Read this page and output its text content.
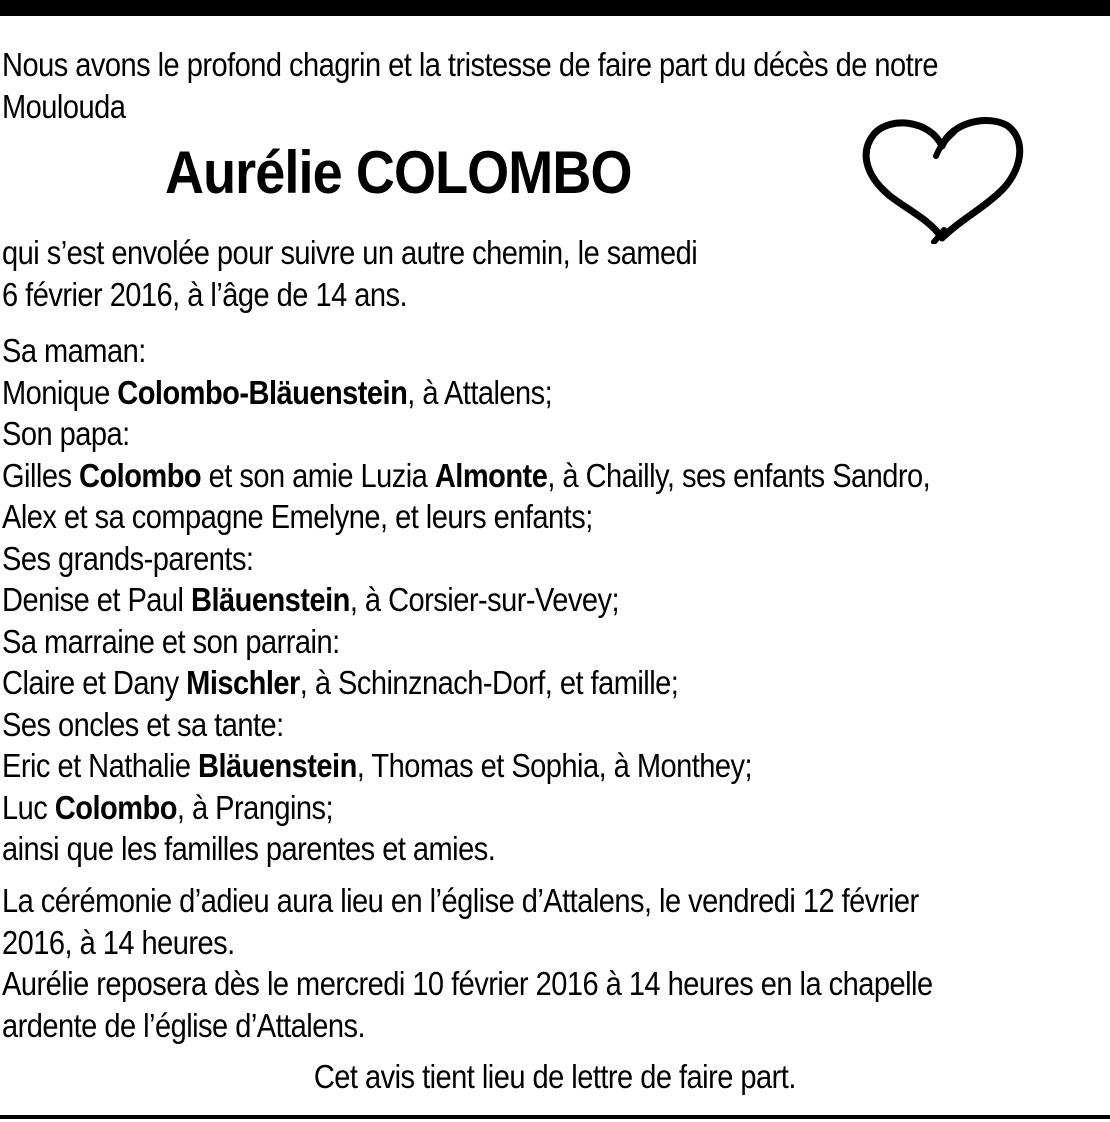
Nous avons le profond chagrin et la tristesse de faire part du décès de notre

Moulouda

Aurélie COLOMBO

qui s’est envolée pour suivre un autre chemin, le samedi

6 février 2016, à l’âge de 14 ans.

Sa maman:

Monique Colombo-Bläuenstein, à Attalens;

Son papa:

Gilles Colombo et son amie Luzia Almonte, à Chailly, ses enfants Sandro,

Alex et sa compagne Emelyne, et leurs enfants;

Ses grands-parents:

Denise et Paul Bläuenstein, à Corsier-sur-Vevey;

Sa marraine et son parrain:

Claire et Dany Mischler, à Schinznach-Dorf, et famille;

Ses oncles et sa tante:

Eric et Nathalie Bläuenstein, Thomas et Sophia, à Monthey;

Luc Colombo, à Prangins;

ainsi que les familles parentes et amies.

La cérémonie d’adieu aura lieu en l’église d’Attalens, le vendredi 12 février

2016, à 14 heures.

Aurélie reposera dès le mercredi 10 février 2016 à 14 heures en la chapelle

ardente de l’église d’Attalens.

Cet avis tient lieu de lettre de faire part.
